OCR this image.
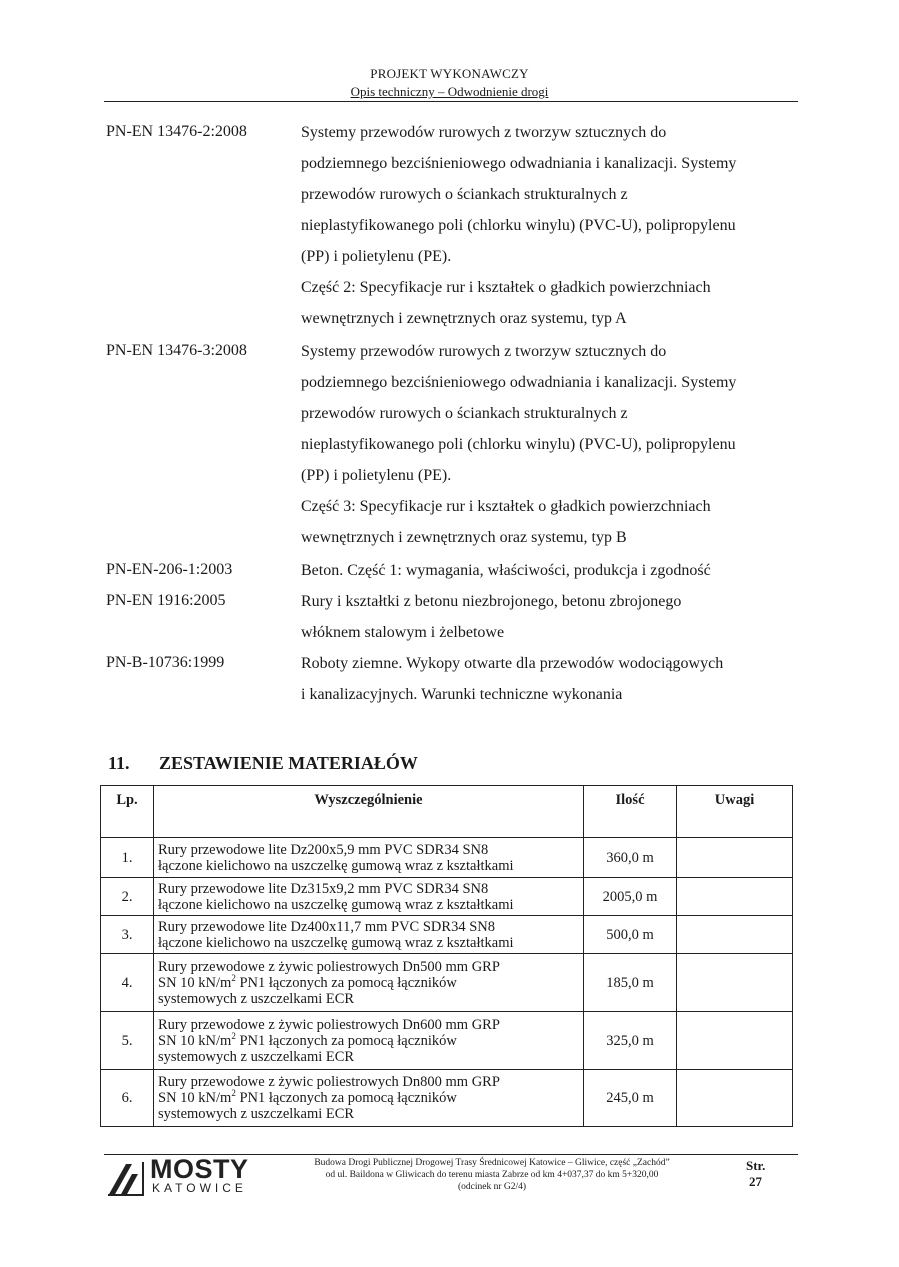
PROJEKT WYKONAWCZY
Opis techniczny – Odwodnienie drogi
PN-EN 13476-2:2008	Systemy przewodów rurowych z tworzyw sztucznych do

podziemnego bezciśnieniowego odwadniania i kanalizacji. Systemy

przewodów rurowych o ściankach strukturalnych z

nieplastyfikowanego poli (chlorku winylu) (PVC-U), polipropylenu

(PP) i polietylenu (PE).

Część 2: Specyfikacje rur i kształtek o gładkich powierzchniach

wewnętrznych i zewnętrznych oraz systemu, typ A

PN-EN 13476-3:2008	Systemy przewodów rurowych z tworzyw sztucznych do

podziemnego bezciśnieniowego odwadniania i kanalizacji. Systemy

przewodów rurowych o ściankach strukturalnych z

nieplastyfikowanego poli (chlorku winylu) (PVC-U), polipropylenu

(PP) i polietylenu (PE).

Część 3: Specyfikacje rur i kształtek o gładkich powierzchniach

wewnętrznych i zewnętrznych oraz systemu, typ B

PN-EN-206-1:2003	Beton. Część 1: wymagania, właściwości, produkcja i zgodność

PN-EN 1916:2005	Rury i kształtki z betonu niezbrojonego, betonu zbrojonego

włóknem stalowym i żelbetowe

PN-B-10736:1999	Roboty ziemne. Wykopy otwarte dla przewodów wodociągowych

i kanalizacyjnych. Warunki techniczne wykonania

11. ZESTAWIENIE MATERIAŁÓW
Lp.	Wyszczególnienie	Ilość	Uwagi
1.	Rury przewodowe lite Dz200x5,9 mm PVC SDR34 SN8
łączone kielichowo na uszczelkę gumową wraz z kształtkami	360,0 m	
2.	Rury przewodowe lite Dz315x9,2 mm PVC SDR34 SN8
łączone kielichowo na uszczelkę gumową wraz z kształtkami	2005,0 m	
3.	Rury przewodowe lite Dz400x11,7 mm PVC SDR34 SN8
łączone kielichowo na uszczelkę gumową wraz z kształtkami	500,0 m	
4.	Rury przewodowe z żywic poliestrowych Dn500 mm GRP
SN 10 $kN/m^2$ PN1 łączonych za pomocą łączników
systemowych z uszczelkami ECR	185,0 m	
5.	Rury przewodowe z żywic poliestrowych Dn600 mm GRP
SN 10 $kN/m^2$ PN1 łączonych za pomocą łączników
systemowych z uszczelkami ECR	325,0 m	
6.	Rury przewodowe z żywic poliestrowych Dn800 mm GRP
SN 10 $kN/m^2$ PN1 łączonych za pomocą łączników
systemowych z uszczelkami ECR	245,0 m	
MOSTY
KATOWICE
Budowa Drogi Publicznej Drogowej Trasy Średnicowej Katowice – Gliwice, część „Zachód”
od ul. Baildona w Gliwicach do terenu miasta Zabrze od km 4+037,37 do km 5+320,00
(odcinek nr G2/4)
Str.
27
